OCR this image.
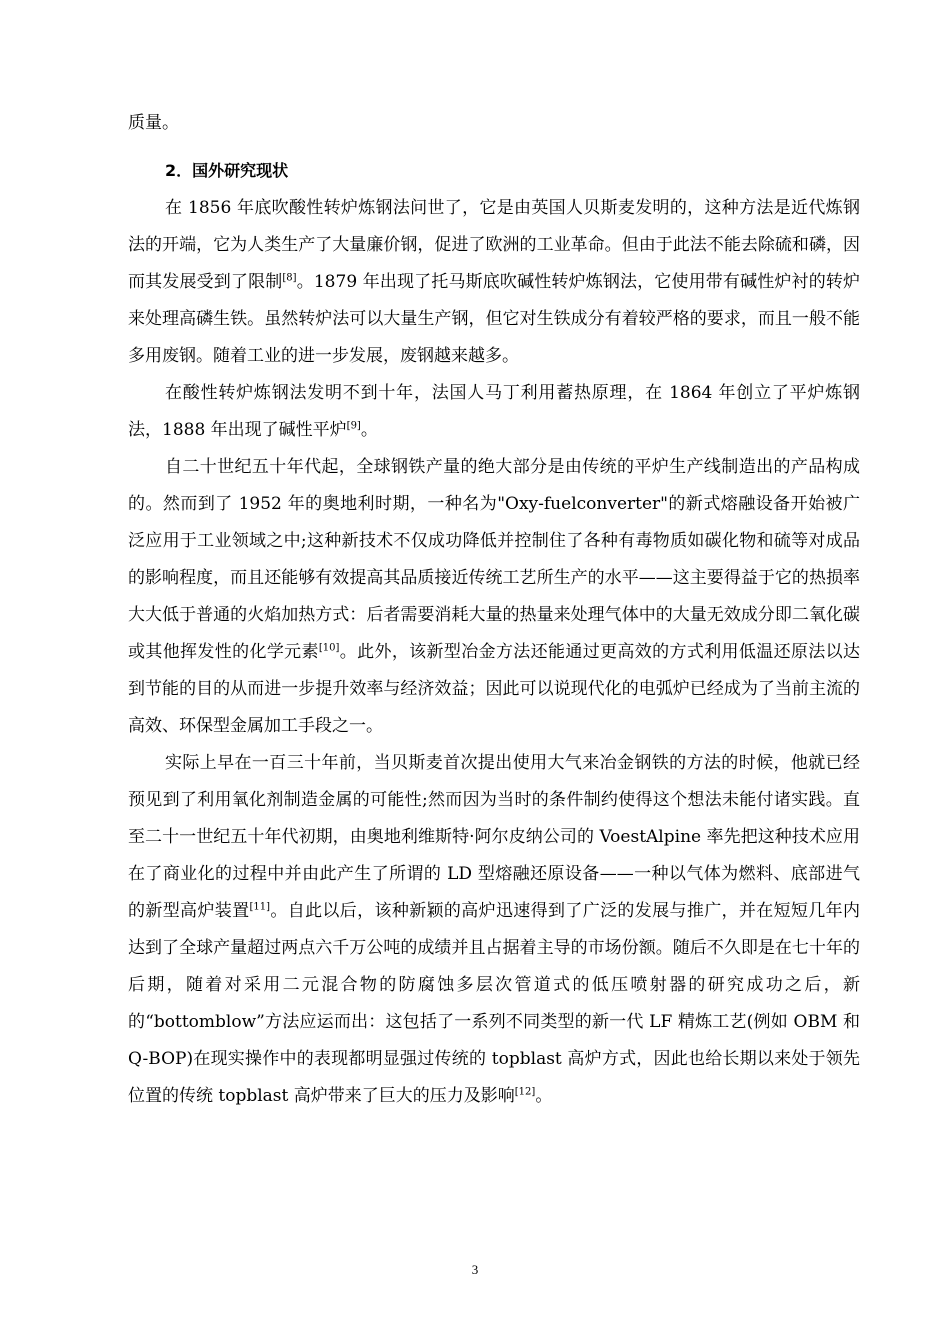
质量。

2．国外研究现状

在 1856 年底吹酸性转炉炼钢法问世了，它是由英国人贝斯麦发明的，这种方法是近代炼钢法的开端，它为人类生产了大量廉价钢，促进了欧洲的工业革命。但由于此法不能去除硫和磷，因而其发展受到了限制[8]。1879 年出现了托马斯底吹碱性转炉炼钢法，它使用带有碱性炉衬的转炉来处理高磷生铁。虽然转炉法可以大量生产钢，但它对生铁成分有着较严格的要求，而且一般不能多用废钢。随着工业的进一步发展，废钢越来越多。

在酸性转炉炼钢法发明不到十年，法国人马丁利用蓄热原理，在 1864 年创立了平炉炼钢法，1888 年出现了碱性平炉[9]。

自二十世纪五十年代起，全球钢铁产量的绝大部分是由传统的平炉生产线制造出的产品构成的。然而到了 1952 年的奥地利时期，一种名为"Oxy-fuelconverter"的新式熔融设备开始被广泛应用于工业领域之中;这种新技术不仅成功降低并控制住了各种有毒物质如碳化物和硫等对成品的影响程度，而且还能够有效提高其品质接近传统工艺所生产的水平——这主要得益于它的热损率大大低于普通的火焰加热方式：后者需要消耗大量的热量来处理气体中的大量无效成分即二氧化碳或其他挥发性的化学元素[10]。此外，该新型冶金方法还能通过更高效的方式利用低温还原法以达到节能的目的从而进一步提升效率与经济效益；因此可以说现代化的电弧炉已经成为了当前主流的高效、环保型金属加工手段之一。

实际上早在一百三十年前，当贝斯麦首次提出使用大气来冶金钢铁的方法的时候，他就已经预见到了利用氧化剂制造金属的可能性;然而因为当时的条件制约使得这个想法未能付诸实践。直至二十一世纪五十年代初期，由奥地利维斯特·阿尔皮纳公司的 VoestAlpine 率先把这种技术应用在了商业化的过程中并由此产生了所谓的 LD 型熔融还原设备——一种以气体为燃料、底部进气的新型高炉装置[11]。自此以后，该种新颖的高炉迅速得到了广泛的发展与推广，并在短短几年内达到了全球产量超过两点六千万公吨的成绩并且占据着主导的市场份额。随后不久即是在七十年的后期，随着对采用二元混合物的防腐蚀多层次管道式的低压喷射器的研究成功之后，新的“bottomblow”方法应运而出：这包括了一系列不同类型的新一代 LF 精炼工艺(例如 OBM 和 Q-BOP)在现实操作中的表现都明显强过传统的 topblast 高炉方式，因此也给长期以来处于领先位置的传统 topblast 高炉带来了巨大的压力及影响[12]。

3
